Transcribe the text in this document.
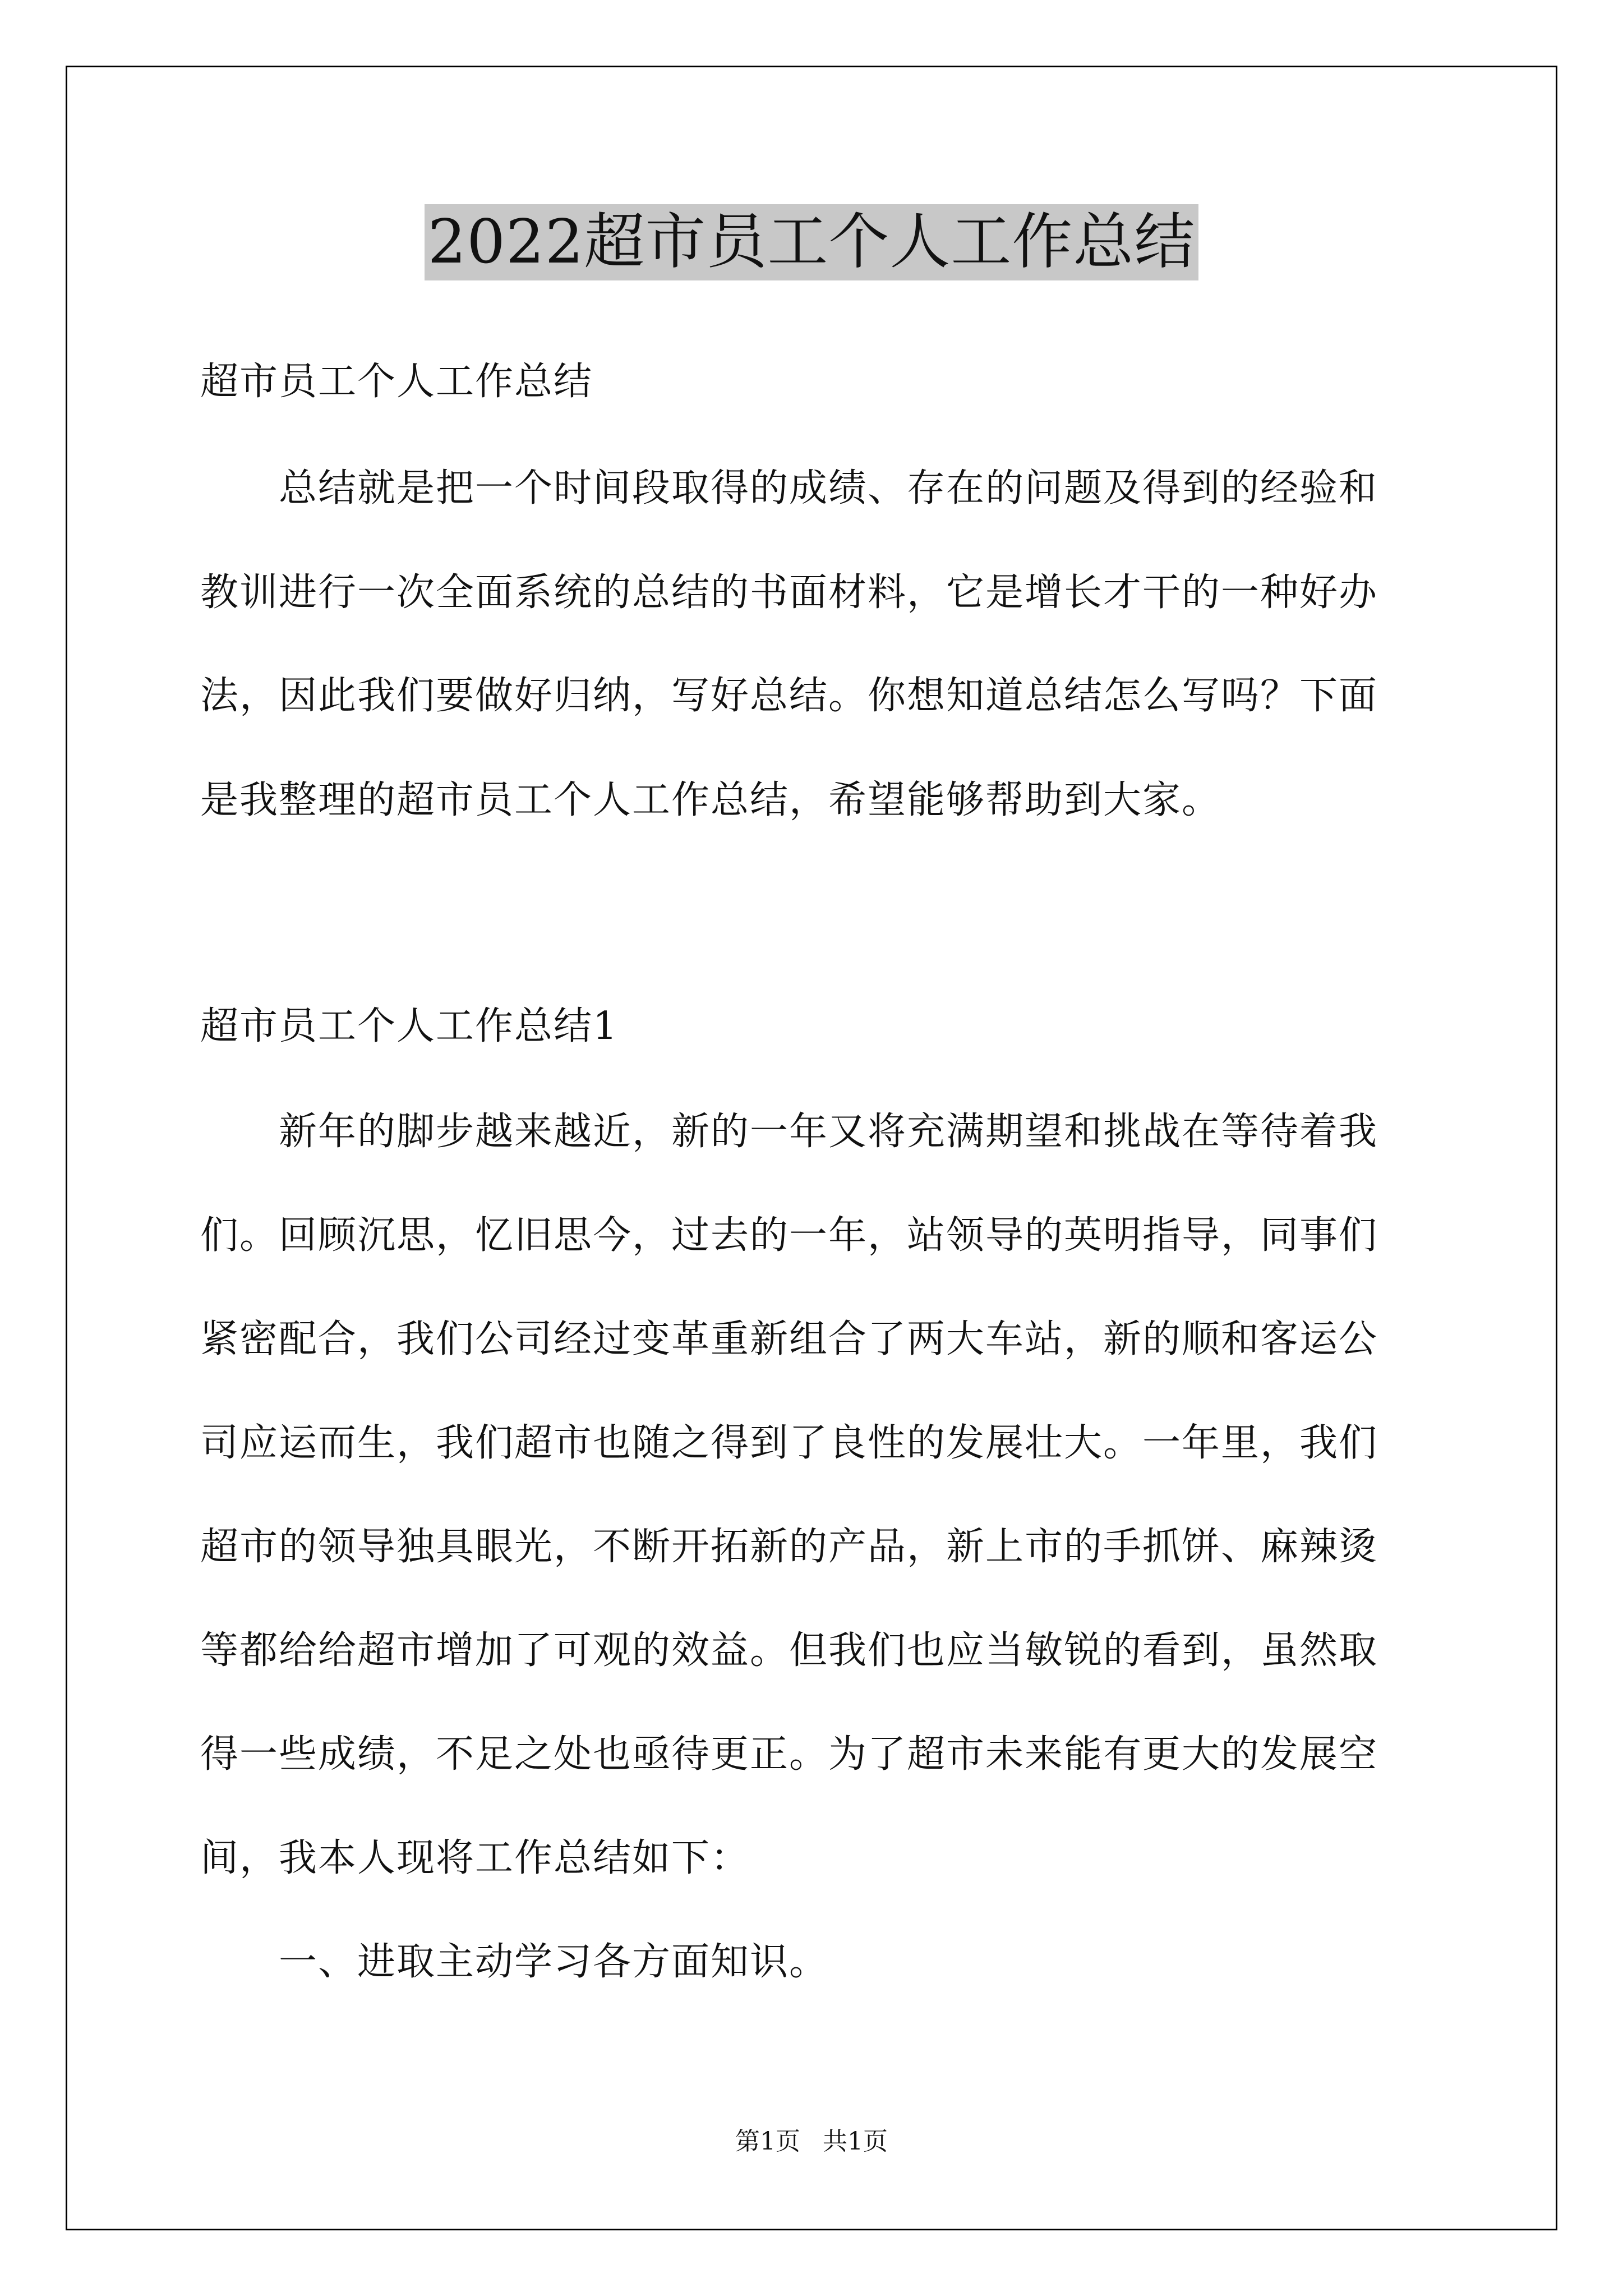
2022超市员工个人工作总结
超市员工个人工作总结
总结就是把一个时间段取得的成绩、存在的问题及得到的经验和
教训进行一次全面系统的总结的书面材料，它是增长才干的一种好办
法，因此我们要做好归纳，写好总结。你想知道总结怎么写吗？下面
是我整理的超市员工个人工作总结，希望能够帮助到大家。
超市员工个人工作总结1
新年的脚步越来越近，新的一年又将充满期望和挑战在等待着我
们。回顾沉思，忆旧思今，过去的一年，站领导的英明指导，同事们
紧密配合，我们公司经过变革重新组合了两大车站，新的顺和客运公
司应运而生，我们超市也随之得到了良性的发展壮大。一年里，我们
超市的领导独具眼光，不断开拓新的产品，新上市的手抓饼、麻辣烫
等都给给超市增加了可观的效益。但我们也应当敏锐的看到，虽然取
得一些成绩，不足之处也亟待更正。为了超市未来能有更大的发展空
间，我本人现将工作总结如下：
一、进取主动学习各方面知识。
第1页 共1页
